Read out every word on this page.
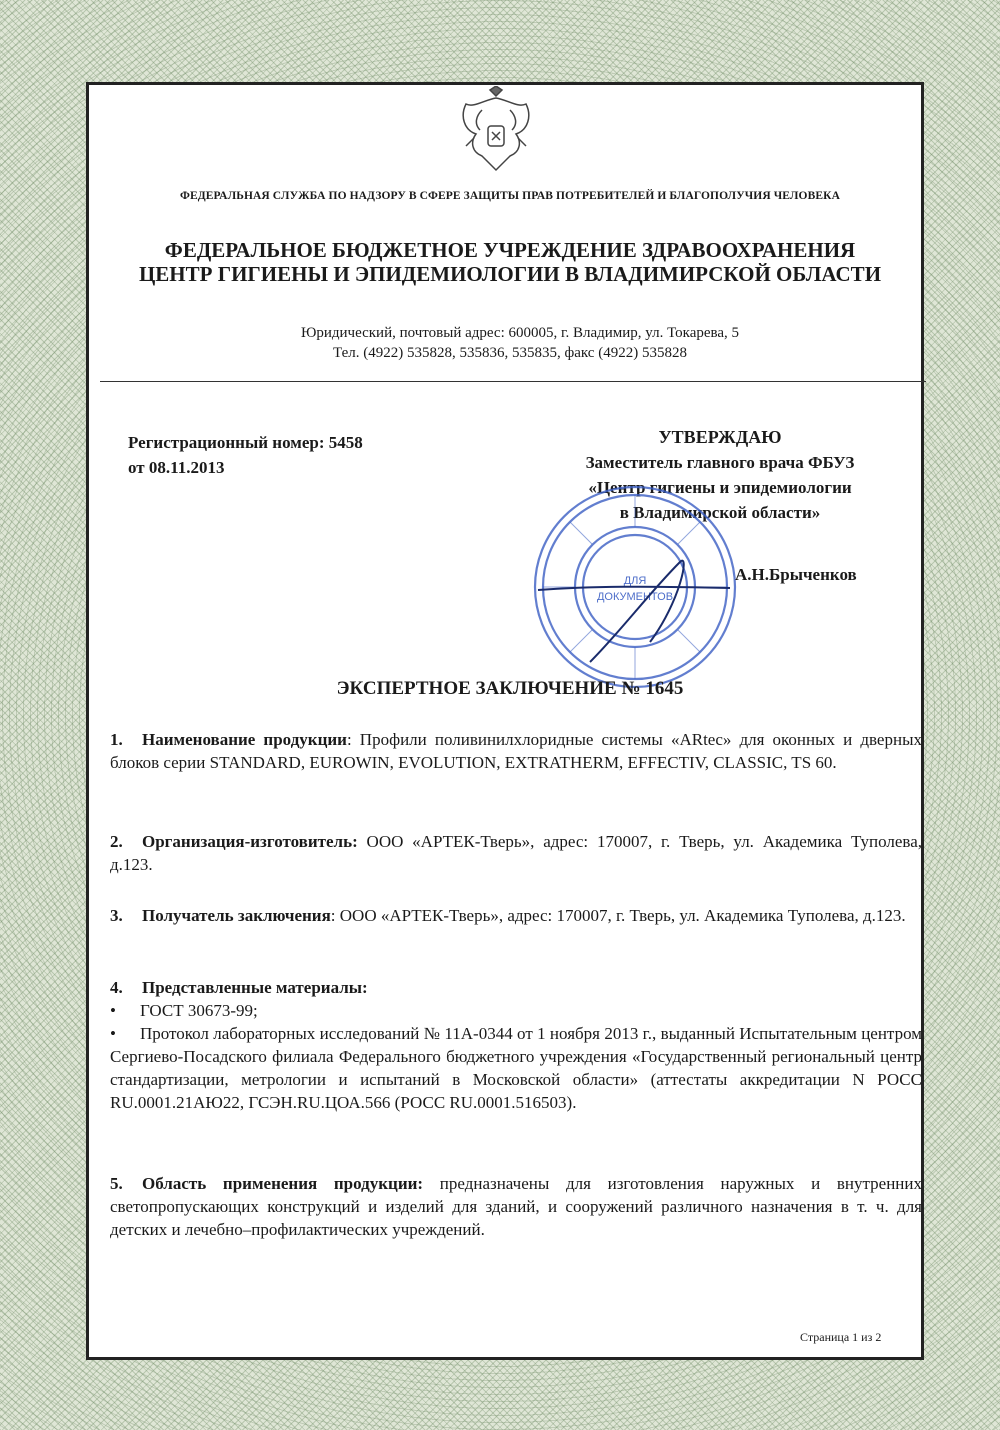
ФЕДЕРАЛЬНАЯ СЛУЖБА ПО НАДЗОРУ В СФЕРЕ ЗАЩИТЫ ПРАВ ПОТРЕБИТЕЛЕЙ И БЛАГОПОЛУЧИЯ ЧЕЛОВЕКА
ФЕДЕРАЛЬНОЕ БЮДЖЕТНОЕ УЧРЕЖДЕНИЕ ЗДРАВООХРАНЕНИЯ
ЦЕНТР ГИГИЕНЫ И ЭПИДЕМИОЛОГИИ В ВЛАДИМИРСКОЙ ОБЛАСТИ
Юридический, почтовый адрес: 600005, г. Владимир, ул. Токарева, 5
Тел. (4922) 535828, 535836, 535835, факс (4922) 535828
Регистрационный номер: 5458
от 08.11.2013
УТВЕРЖДАЮ
Заместитель главного врача ФБУЗ
«Центр гигиены и эпидемиологии
в Владимирской области»
ДЛЯ
ДОКУМЕНТОВ
А.Н.Брыченков
ЭКСПЕРТНОЕ ЗАКЛЮЧЕНИЕ № 1645
1. Наименование продукции: Профили поливинилхлоридные системы «ARtec» для оконных и дверных блоков серии STANDARD, EUROWIN, EVOLUTION, EXTRATHERM, EFFECTIV, CLASSIC, TS 60.
2. Организация-изготовитель: ООО «АРТЕК-Тверь», адрес: 170007, г. Тверь, ул. Академика Туполева, д.123.
3. Получатель заключения: ООО «АРТЕК-Тверь», адрес: 170007, г. Тверь, ул. Академика Туполева, д.123.
4. Представленные материалы:
• ГОСТ 30673-99;
• Протокол лабораторных исследований № 11А-0344 от 1 ноября 2013 г., выданный Испытательным центром Сергиево-Посадского филиала Федерального бюджетного учреждения «Государственный региональный центр стандартизации, метрологии и испытаний в Московской области» (аттестаты аккредитации N РОСС RU.0001.21АЮ22, ГСЭН.RU.ЦОА.566 (РОСС RU.0001.516503).
5. Область применения продукции: предназначены для изготовления наружных и внутренних светопропускающих конструкций и изделий для зданий, и сооружений различного назначения в т. ч. для детских и лечебно–профилактических учреждений.
Страница 1 из 2
